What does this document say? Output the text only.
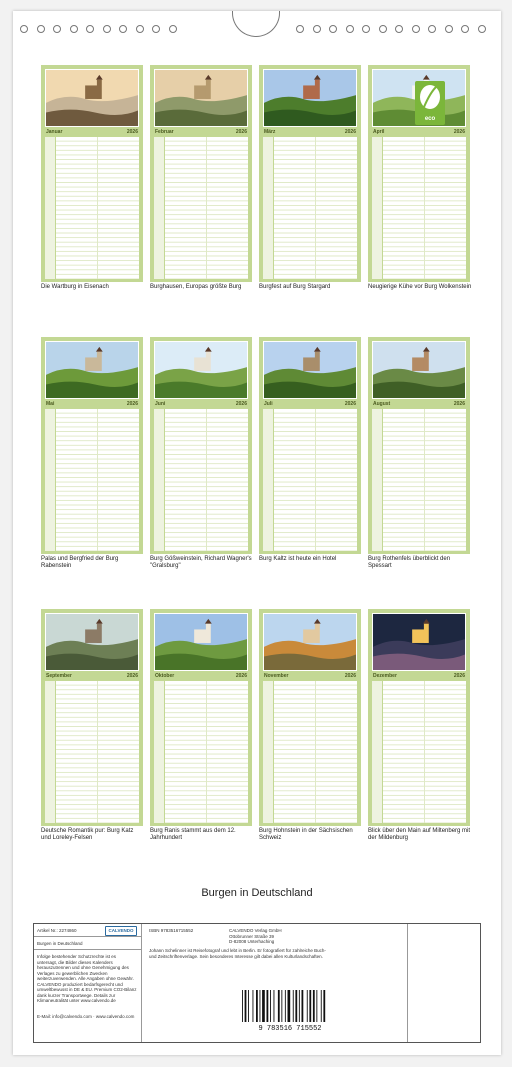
Januar	2026
Die Wartburg in Eisenach
Februar	2026
Burghausen, Europas größte Burg
März	2026
Burgfest auf Burg Stargard
April	2026
Neugierige Kühe vor Burg Wolkenstein
Mai	2026
Palas und Bergfried der Burg Rabenstein
Juni	2026
Burg Gößweinstein, Richard Wagner's "Gralsburg"
Juli	2026
Burg Kaltz ist heute ein Hotel
August	2026
Burg Rothenfels überblickt den Spessart
September	2026
Deutsche Romantik pur: Burg Katz und Loreley-Felsen
Oktober	2026
Burg Ranis stammt aus dem 12. Jahrhundert
November	2026
Burg Hohnstein in der Sächsischen Schweiz
Dezember	2026
Blick über den Main auf Miltenberg mit der Mildenburg
Burgen in Deutschland
Artikel Nr.: 2274860	CALVENDO
Burgen in Deutschland
Infolge bestehender Schutzrechte ist es untersagt, die Bilder dieses Kalenders herauszutrennen und ohne Genehmigung des Verlages zu gewerblichen Zwecken weiterzuverwenden. Alle Angaben ohne Gewähr. CALVENDO produziert bedarfsgerecht und umweltbewusst in DE & EU. Premium CO2-Bilanz dank kurzer Transportwege. Details zur Klimaneutralität unter www.calvendo.de
E-Mail: info@calvendo.com · www.calvendo.com
ISBN 9783516715552	CALVENDO Verlag GmbH
Ottobrunner Straße 39
D-82008 Unterhaching
Johann Schelinner ist Reisefotograf und lebt in Berlin. Er fotografiert für zahlreiche Buch- und Zeitschriftenverlage. Sein besonderes Interesse gilt dabei allen Kulturlandschaften.
9 783516 715552
eco
